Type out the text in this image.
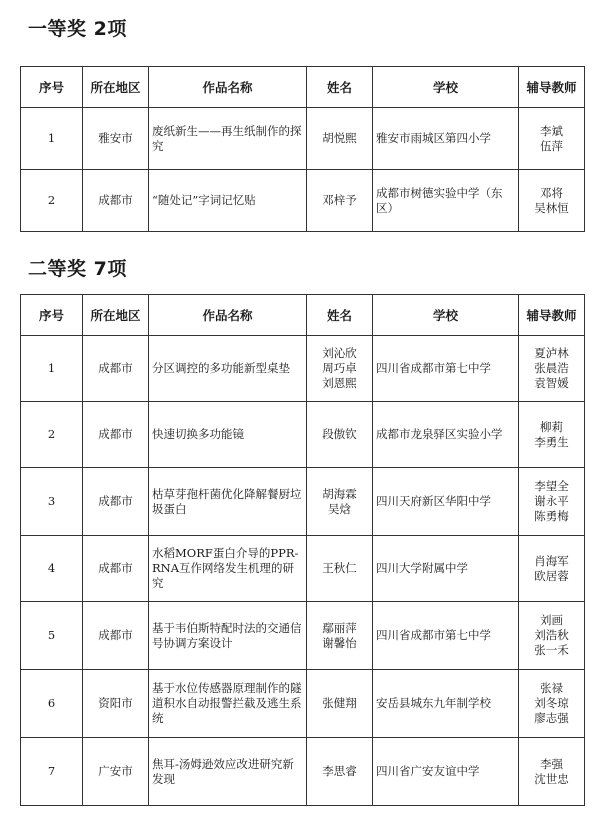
一等奖 2项
序号	所在地区	作品名称	姓名	学校	辅导教师
1	雅安市	废纸新生——再生纸制作的探究	胡悦熙	雅安市雨城区第四小学	李斌
伍萍

2	成都市	“随处记”字词记忆贴	邓梓予	成都市树德实验中学（东区）	邓将
吴林恒
二等奖 7项
序号	所在地区	作品名称	姓名	学校	辅导教师
1	成都市	分区调控的多功能新型桌垫	刘沁欣
周巧卓
刘恩熙	四川省成都市第七中学	夏泸林
张晨浩
袁智媛

2	成都市	快速切换多功能镜	段傲钦	成都市龙泉驿区实验小学	柳莉
李勇生

3	成都市	枯草芽孢杆菌优化降解餐厨垃圾蛋白	胡海霖
吴焓	四川天府新区华阳中学	李望全
谢永平
陈勇梅

4	成都市	水稻MORF蛋白介导的PPR-RNA互作网络发生机理的研究	王秋仁	四川大学附属中学	肖海军
欧居蓉

5	成都市	基于韦伯斯特配时法的交通信号协调方案设计	鄢丽萍
谢馨怡	四川省成都市第七中学	刘画
刘浩秋
张一禾

6	资阳市	基于水位传感器原理制作的隧道积水自动报警拦截及逃生系统	张健翔	安岳县城东九年制学校	张禄
刘冬琼
廖志强

7	广安市	焦耳-汤姆逊效应改进研究新发现	李思睿	四川省广安友谊中学	李强
沈世忠
